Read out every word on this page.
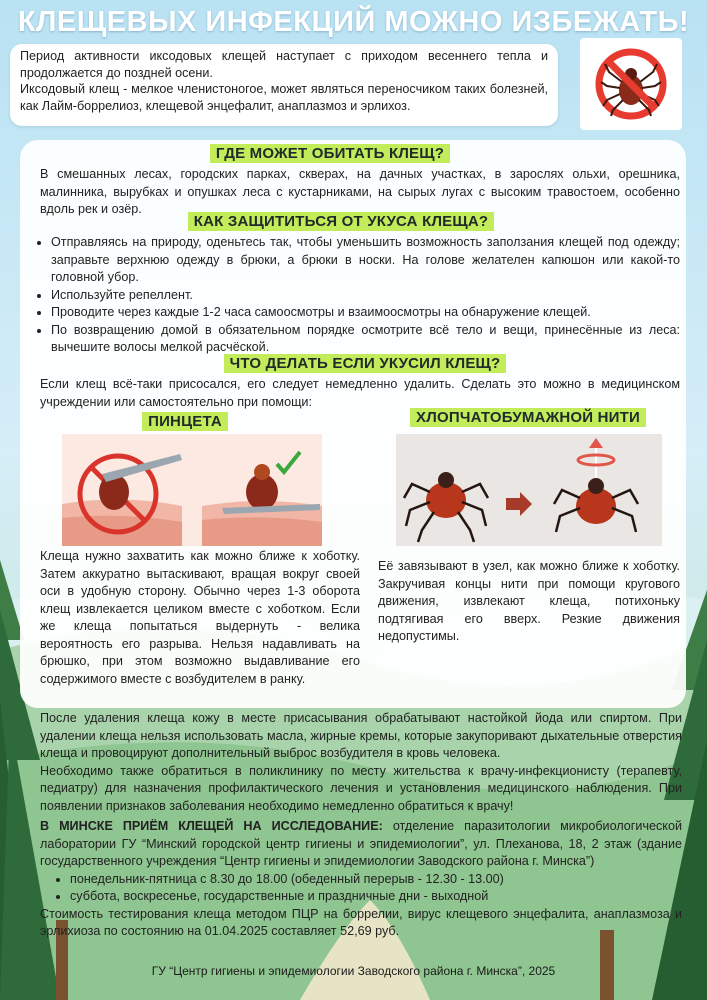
КЛЕЩЕВЫХ ИНФЕКЦИЙ МОЖНО ИЗБЕЖАТЬ!

Период активности иксодовых клещей наступает с приходом весеннего тепла и продолжается до поздней осени.

Иксодовый клещ - мелкое членистоногое, может являться переносчиком таких болезней, как Лайм-боррелиоз, клещевой энцефалит, анаплазмоз и эрлихоз.

ГДЕ МОЖЕТ ОБИТАТЬ КЛЕЩ?

В смешанных лесах, городских парках, скверах, на дачных участках, в зарослях ольхи, орешника, малинника, вырубках и опушках леса с кустарниками, на сырых лугах с высоким травостоем, особенно вдоль рек и озёр.

КАК ЗАЩИТИТЬСЯ ОТ УКУСА КЛЕЩА?
• Отправляясь на природу, оденьтесь так, чтобы уменьшить возможность заползания клещей под одежду; заправьте верхнюю одежду в брюки, а брюки в носки. На голове желателен капюшон или какой-то головной убор.
• Используйте репеллент.
• Проводите через каждые 1-2 часа самоосмотры и взаимоосмотры на обнаружение клещей.
• По возвращению домой в обязательном порядке осмотрите всё тело и вещи, принесённые из леса: вычешите волосы мелкой расчёской.
ЧТО ДЕЛАТЬ ЕСЛИ УКУСИЛ КЛЕЩ?

Если клещ всё-таки присосался, его следует немедленно удалить. Сделать это можно в медицинском учреждении или самостоятельно при помощи:

ПИНЦЕТА

Клеща нужно захватить как можно ближе к хоботку. Затем аккуратно вытаскивают, вращая вокруг своей оси в удобную сторону. Обычно через 1-3 оборота клещ извлекается целиком вместе с хоботком. Если же клеща попытаться выдернуть - велика вероятность его разрыва. Нельзя надавливать на брюшко, при этом возможно выдавливание его содержимого вместе с возбудителем в ранку.

ХЛОПЧАТОБУМАЖНОЙ НИТИ

Её завязывают в узел, как можно ближе к хоботку. Закручивая концы нити при помощи кругового движения, извлекают клеща, потихоньку подтягивая его вверх. Резкие движения недопустимы.

После удаления клеща кожу в месте присасывания обрабатывают настойкой йода или спиртом. При удалении клеща нельзя использовать масла, жирные кремы, которые закупоривают дыхательные отверстия клеща и провоцируют дополнительный выброс возбудителя в кровь человека.

Необходимо также обратиться в поликлинику по месту жительства к врачу-инфекционисту (терапевту, педиатру) для назначения профилактического лечения и установления медицинского наблюдения. При появлении признаков заболевания необходимо немедленно обратиться к врачу!

В МИНСКЕ ПРИЁМ КЛЕЩЕЙ НА ИССЛЕДОВАНИЕ: отделение паразитологии микробиологической лаборатории ГУ “Минский городской центр гигиены и эпидемиологии”, ул. Плеханова, 18, 2 этаж (здание государственного учреждения “Центр гигиены и эпидемиологии Заводского района г. Минска”)

• понедельник-пятница с 8.30 до 18.00 (обеденный перерыв - 12.30 - 13.00)
• суббота, воскресенье, государственные и праздничные дни - выходной

Стоимость тестирования клеща методом ПЦР на боррелии, вирус клещевого энцефалита, анаплазмоза и эрлихиоза по состоянию на 01.04.2025 составляет 52,69 руб.

ГУ “Центр гигиены и эпидемиологии Заводского района г. Минска”, 2025
